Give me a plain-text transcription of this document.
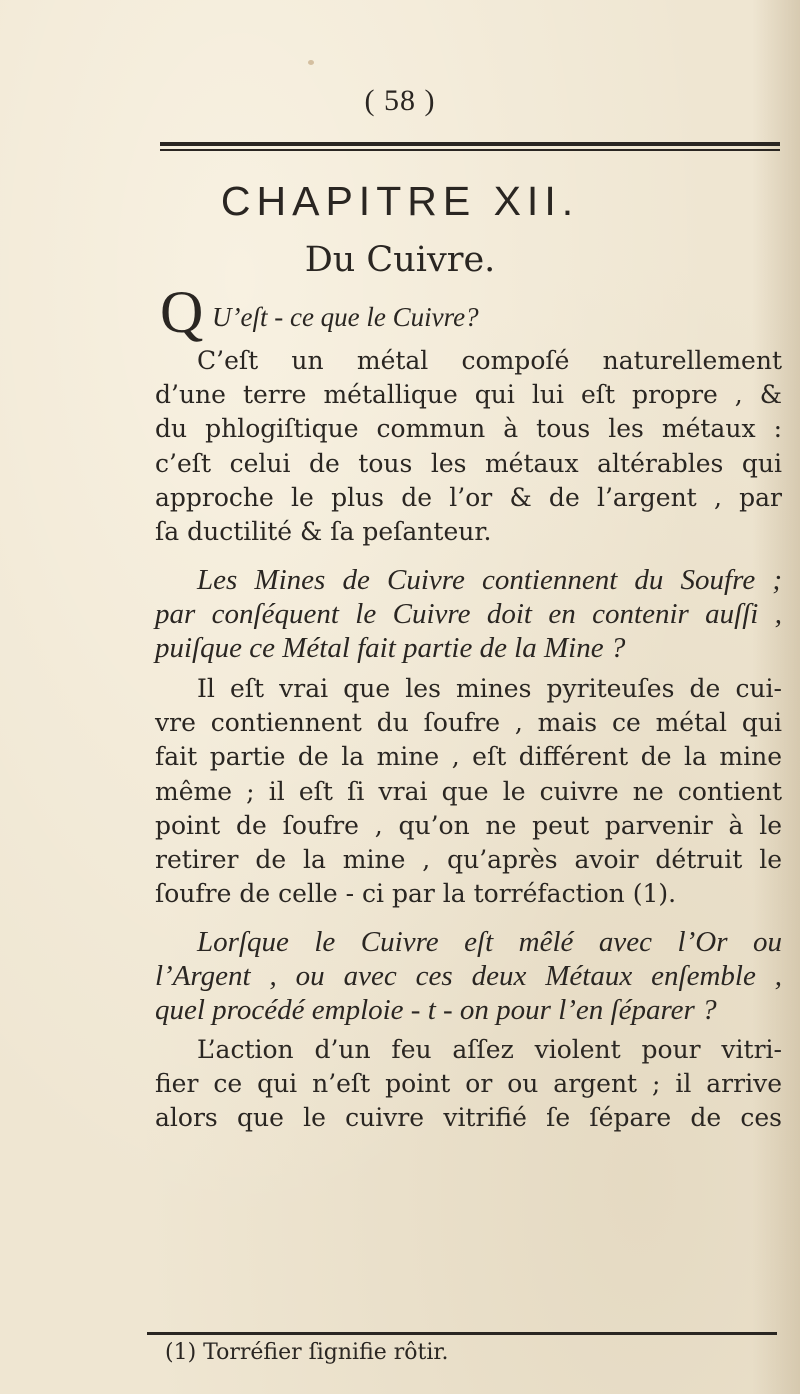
( 58 )
CHAPITRE XII.
Du Cuivre.
Q U’eſt - ce que le Cuivre?
C’eſt un métal compoſé naturellement
d’une terre métallique qui lui eſt propre , &
du phlogiſtique commun à tous les métaux :
c’eſt celui de tous les métaux altérables qui
approche le plus de l’or & de l’argent , par
ſa ductilité & ſa peſanteur.
Les Mines de Cuivre contiennent du Soufre ;
par conſéquent le Cuivre doit en contenir auſſi ,
puiſque ce Métal fait partie de la Mine ?
Il eſt vrai que les mines pyriteuſes de cui-
vre contiennent du ſoufre , mais ce métal qui
fait partie de la mine , eſt différent de la mine
même ; il eſt ſi vrai que le cuivre ne contient
point de ſoufre , qu’on ne peut parvenir à le
retirer de la mine , qu’après avoir détruit le
ſoufre de celle - ci par la torréfaction (1).
Lorſque le Cuivre eſt mêlé avec l’Or ou
l’Argent , ou avec ces deux Métaux enſemble ,
quel procédé emploie - t - on pour l’en ſéparer ?
L’action d’un feu aſſez violent pour vitri-
fier ce qui n’eſt point or ou argent ; il arrive
alors que le cuivre vitrifié ſe ſépare de ces
(1) Torréfier ſignifie rôtir.
